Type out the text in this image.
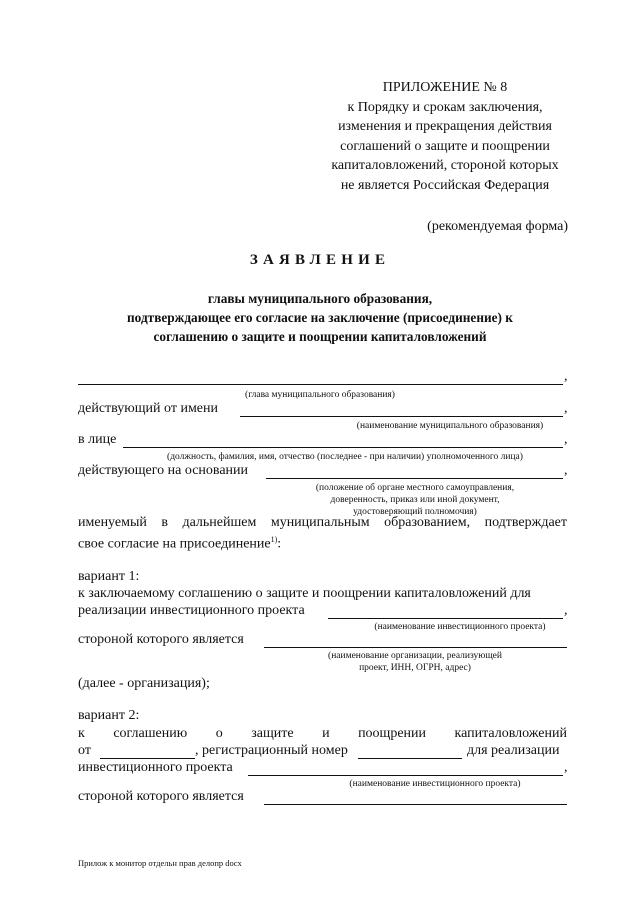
ПРИЛОЖЕНИЕ № 8
к Порядку и срокам заключения,
изменения и прекращения действия
соглашений о защите и поощрении
капиталовложений, стороной которых
не является Российская Федерация
(рекомендуемая форма)
ЗАЯВЛЕНИЕ
главы муниципального образования,
подтверждающее его согласие на заключение (присоединение) к
соглашению о защите и поощрении капиталовложений
,
(глава муниципального образования)
действующий от имени	,
(наименование муниципального образования)
в лице	,
(должность, фамилия, имя, отчество (последнее - при наличии) уполномоченного лица)
действующего на основании	,
(положение об органе местного самоуправления,
доверенность, приказ или иной документ,
удостоверяющий полномочия)
именуемый в дальнейшем муниципальным образованием, подтверждает
свое согласие на присоединение$^{1)}$:
вариант 1:
к заключаемому соглашению о защите и поощрении капиталовложений для
реализации инвестиционного проекта	,
(наименование инвестиционного проекта)
стороной которого является
(наименование организации, реализующей
проект, ИНН, ОГРН, адрес)
(далее - организация);
вариант 2:
к соглашению о защите и поощрении капиталовложений
от	, регистрационный номер	для реализации
инвестиционного проекта	,
(наименование инвестиционного проекта)
стороной которого является
Прилож к монитор отдельн прав делопр docx
